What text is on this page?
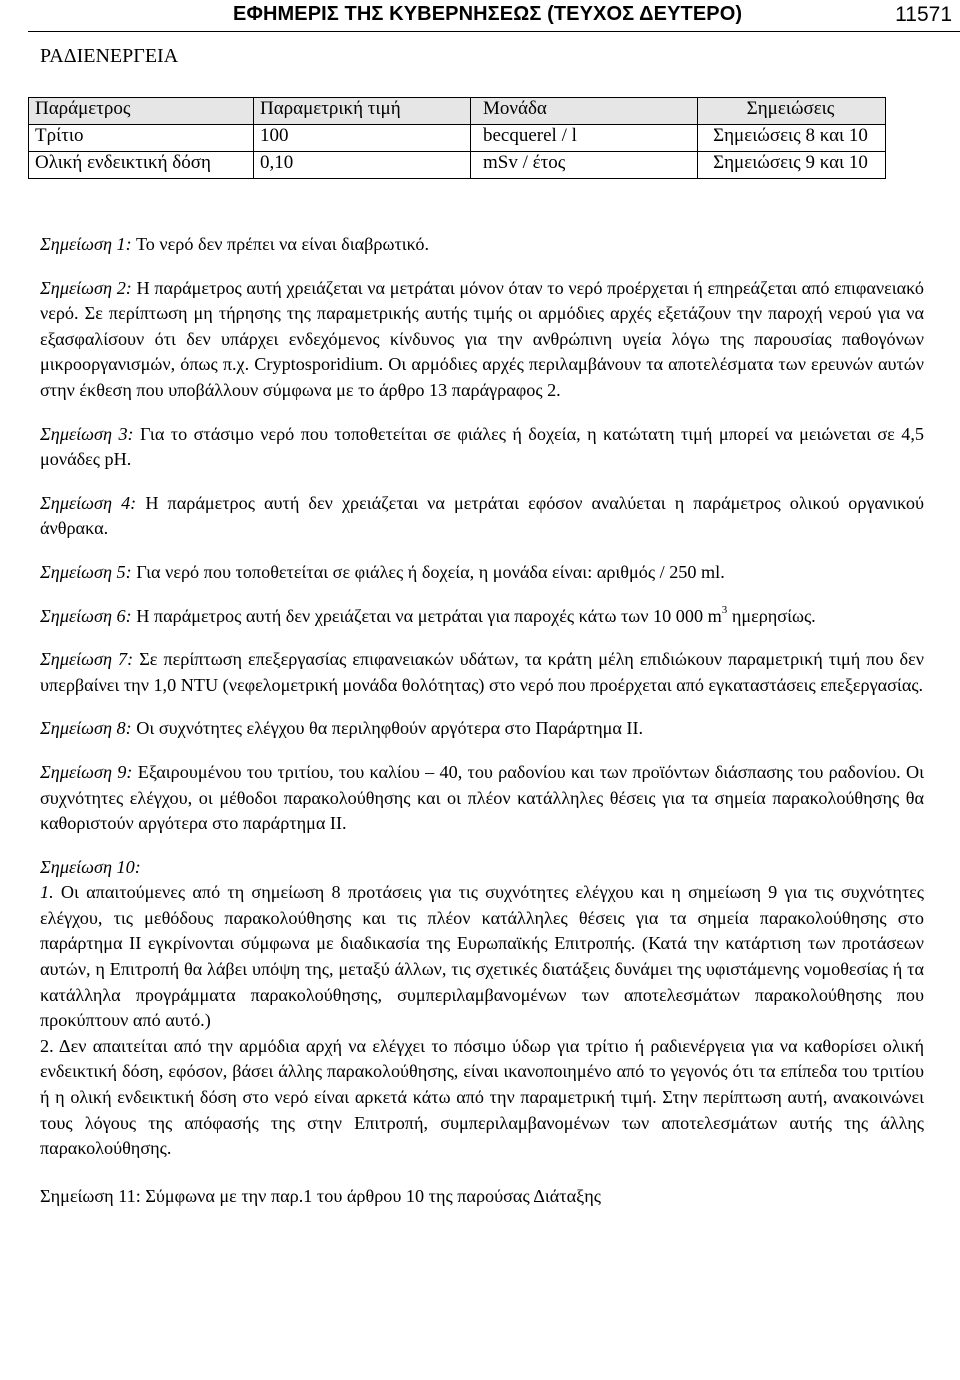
ΕΦΗΜΕΡΙΣ ΤΗΣ ΚΥΒΕΡΝΗΣΕΩΣ (ΤΕΥΧΟΣ ΔΕΥΤΕΡΟ)	11571
ΡΑΔΙΕΝΕΡΓΕΙΑ
Παράμετρος	Παραμετρική τιμή	Μονάδα	Σημειώσεις
Τρίτιο	100	becquerel / l	Σημειώσεις 8 και 10
Ολική ενδεικτική δόση	0,10	mSv / έτος	Σημειώσεις 9 και 10
Σημείωση 1: Το νερό δεν πρέπει να είναι διαβρωτικό.
Σημείωση 2: Η παράμετρος αυτή χρειάζεται να μετράται μόνον όταν το νερό προέρχεται ή επηρεάζεται από επιφανειακό νερό. Σε περίπτωση μη τήρησης της παραμετρικής αυτής τιμής οι αρμόδιες αρχές εξετάζουν την παροχή νερού για να εξασφαλίσουν ότι δεν υπάρχει ενδεχόμενος κίνδυνος για την ανθρώπινη υγεία λόγω της παρουσίας παθογόνων μικροοργανισμών, όπως π.χ. Cryptosporidium. Οι αρμόδιες αρχές περιλαμβάνουν τα αποτελέσματα των ερευνών αυτών στην έκθεση που υποβάλλουν σύμφωνα με το άρθρο 13 παράγραφος 2.
Σημείωση 3: Για το στάσιμο νερό που τοποθετείται σε φιάλες ή δοχεία, η κατώτατη τιμή μπορεί να μειώνεται σε 4,5 μονάδες pH.
Σημείωση 4: Η παράμετρος αυτή δεν χρειάζεται να μετράται εφόσον αναλύεται η παράμετρος ολικού οργανικού άνθρακα.
Σημείωση 5: Για νερό που τοποθετείται σε φιάλες ή δοχεία, η μονάδα είναι: αριθμός / 250 ml.
Σημείωση 6: Η παράμετρος αυτή δεν χρειάζεται να μετράται για παροχές κάτω των 10 000 $m^3$ ημερησίως.
Σημείωση 7: Σε περίπτωση επεξεργασίας επιφανειακών υδάτων, τα κράτη μέλη επιδιώκουν παραμετρική τιμή που δεν υπερβαίνει την 1,0 NTU (νεφελομετρική μονάδα θολότητας) στο νερό που προέρχεται από εγκαταστάσεις επεξεργασίας.
Σημείωση 8: Οι συχνότητες ελέγχου θα περιληφθούν αργότερα στο Παράρτημα ΙΙ.
Σημείωση 9: Εξαιρουμένου του τριτίου, του καλίου – 40, του ραδονίου και των προϊόντων διάσπασης του ραδονίου. Οι συχνότητες ελέγχου, οι μέθοδοι παρακολούθησης και οι πλέον κατάλληλες θέσεις για τα σημεία παρακολούθησης θα καθοριστούν αργότερα στο παράρτημα ΙΙ.

Σημείωση 10:

1. Οι απαιτούμενες από τη σημείωση 8 προτάσεις για τις συχνότητες ελέγχου και η σημείωση 9 για τις συχνότητες ελέγχου, τις μεθόδους παρακολούθησης και τις πλέον κατάλληλες θέσεις για τα σημεία παρακολούθησης στο παράρτημα ΙΙ εγκρίνονται σύμφωνα με διαδικασία της Ευρωπαϊκής Επιτροπής. (Κατά την κατάρτιση των προτάσεων αυτών, η Επιτροπή θα λάβει υπόψη της, μεταξύ άλλων, τις σχετικές διατάξεις δυνάμει της υφιστάμενης νομοθεσίας ή τα κατάλληλα προγράμματα παρακολούθησης, συμπεριλαμβανομένων των αποτελεσμάτων παρακολούθησης που προκύπτουν από αυτό.)

2. Δεν απαιτείται από την αρμόδια αρχή να ελέγχει το πόσιμο ύδωρ για τρίτιο ή ραδιενέργεια για να καθορίσει ολική ενδεικτική δόση, εφόσον, βάσει άλλης παρακολούθησης, είναι ικανοποιημένο από το γεγονός ότι τα επίπεδα του τριτίου ή η ολική ενδεικτική δόση στο νερό είναι αρκετά κάτω από την παραμετρική τιμή. Στην περίπτωση αυτή, ανακοινώνει τους λόγους της απόφασής της στην Επιτροπή, συμπεριλαμβανομένων των αποτελεσμάτων αυτής της άλλης παρακολούθησης.

Σημείωση 11: Σύμφωνα με την παρ.1 του άρθρου 10 της παρούσας Διάταξης
